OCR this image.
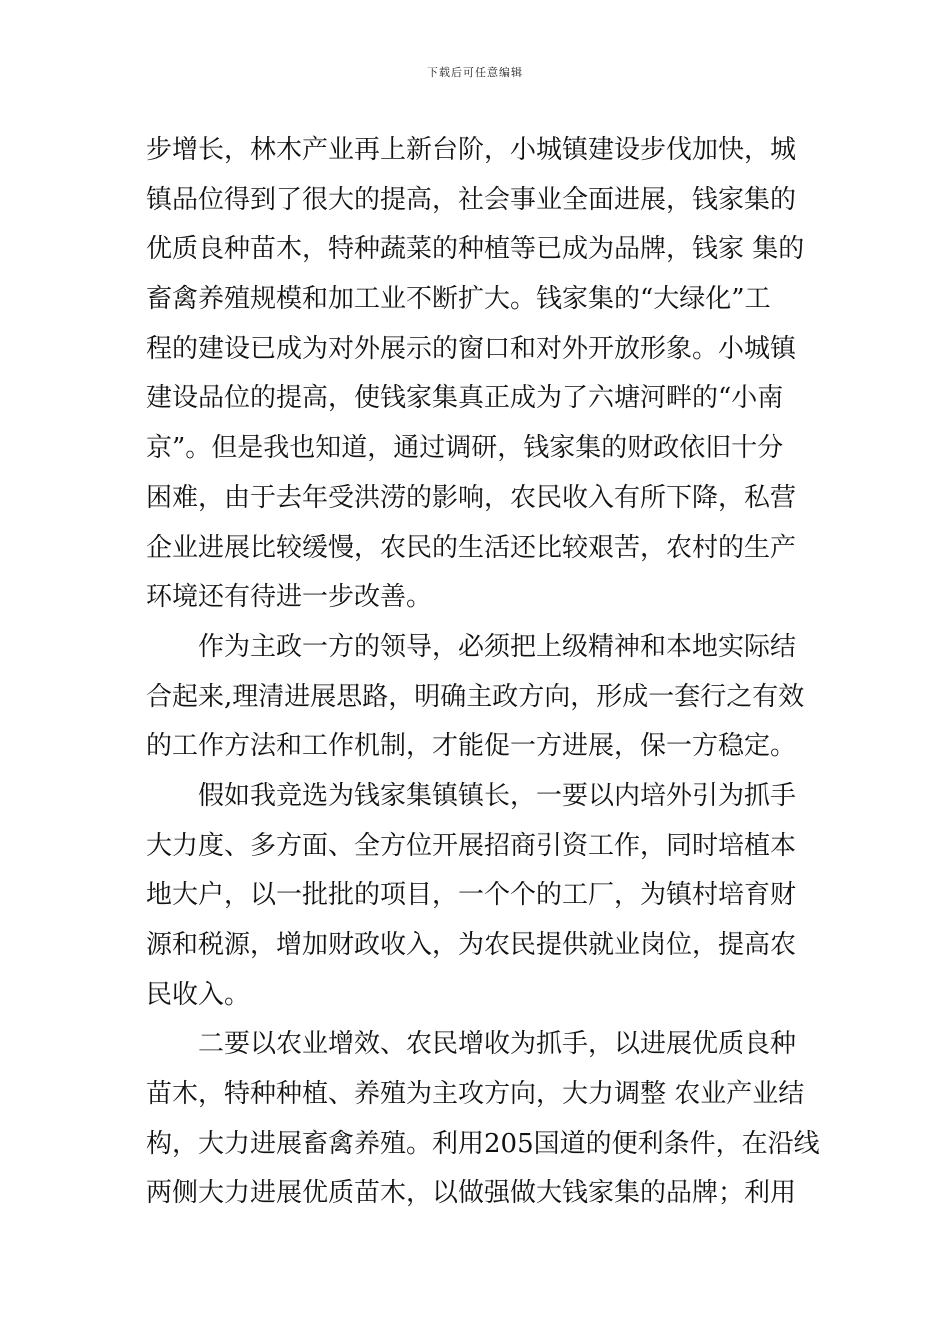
下载后可任意编辑
步增长，林木产业再上新台阶，小城镇建设步伐加快，城
镇品位得到了很大的提高，社会事业全面进展，钱家集的
优质良种苗木，特种蔬菜的种植等已成为品牌，钱家 集的
畜禽养殖规模和加工业不断扩大。钱家集的“大绿化”工
程的建设已成为对外展示的窗口和对外开放形象。小城镇
建设品位的提高，使钱家集真正成为了六塘河畔的“小南
京”。但是我也知道，通过调研，钱家集的财政依旧十分
困难，由于去年受洪涝的影响，农民收入有所下降，私营
企业进展比较缓慢，农民的生活还比较艰苦，农村的生产
环境还有待进一步改善。
作为主政一方的领导，必须把上级精神和本地实际结
合起来,理清进展思路，明确主政方向，形成一套行之有效
的工作方法和工作机制，才能促一方进展，保一方稳定。
假如我竞选为钱家集镇镇长，一要以内培外引为抓手
大力度、多方面、全方位开展招商引资工作，同时培植本
地大户，以一批批的项目，一个个的工厂，为镇村培育财
源和税源，增加财政收入，为农民提供就业岗位，提高农
民收入。
二要以农业增效、农民增收为抓手，以进展优质良种
苗木，特种种植、养殖为主攻方向，大力调整 农业产业结
构，大力进展畜禽养殖。利用205国道的便利条件，在沿线
两侧大力进展优质苗木，以做强做大钱家集的品牌；利用
